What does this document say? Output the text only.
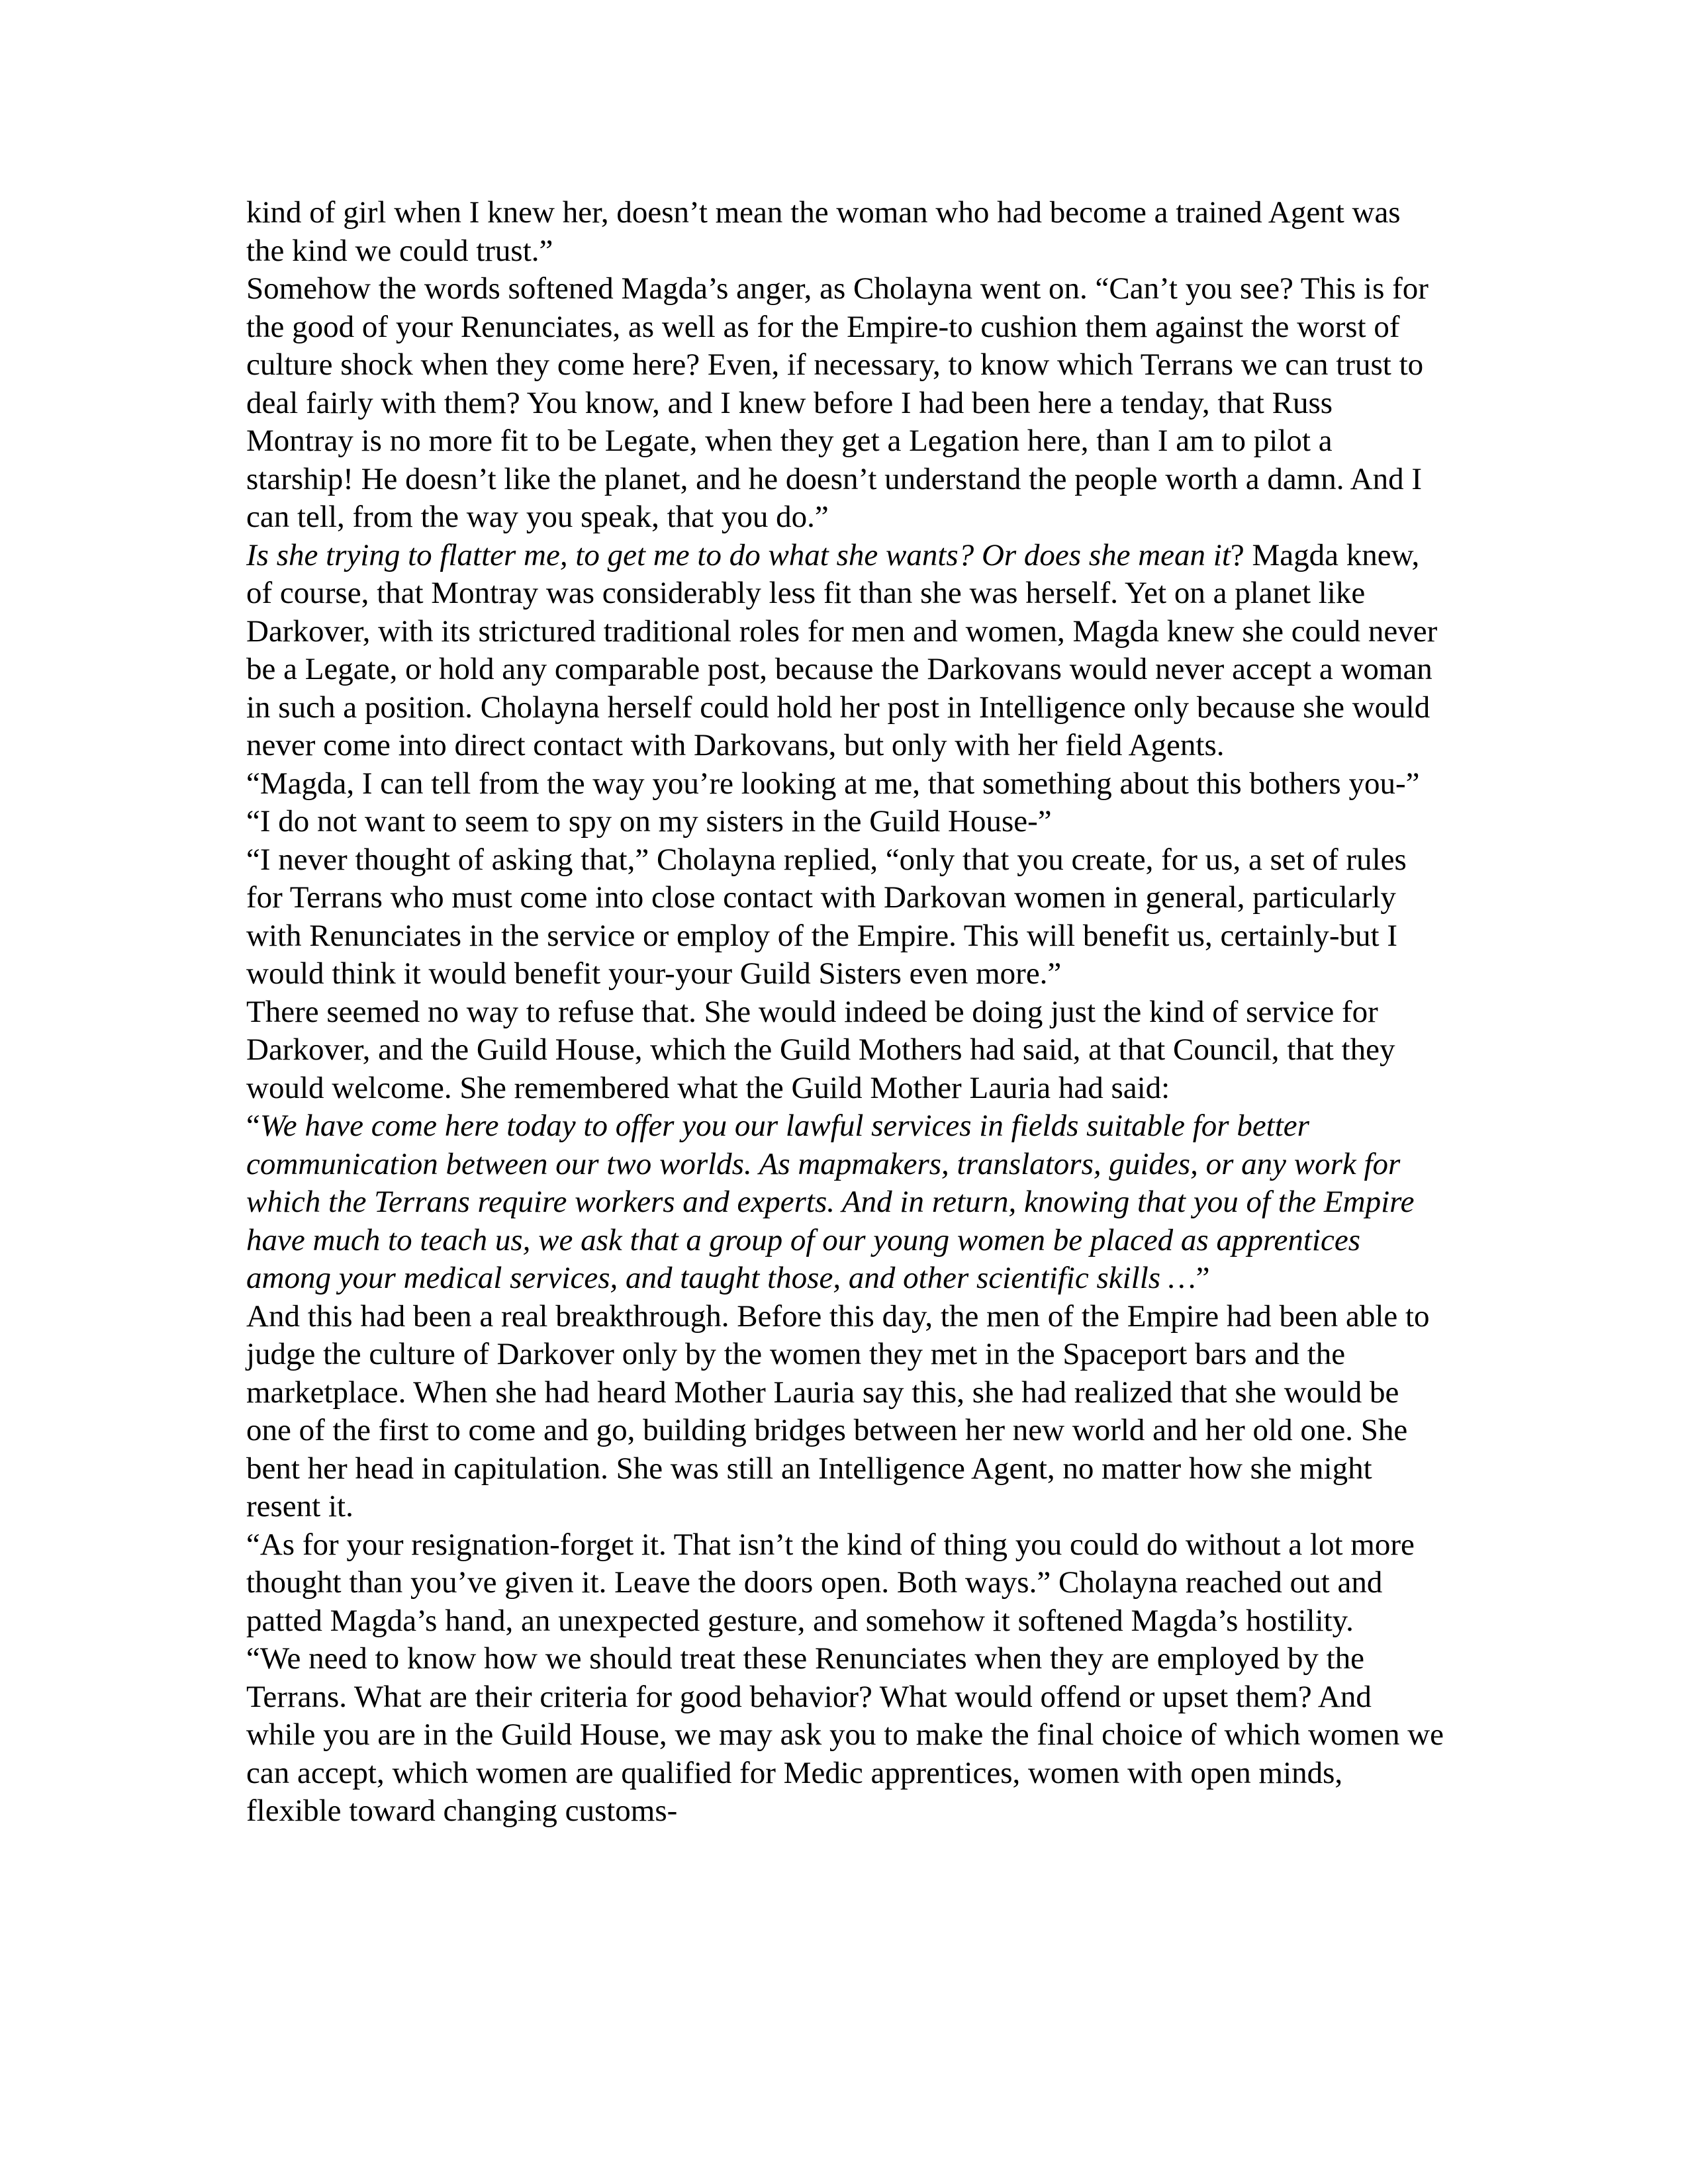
kind of girl when I knew her, doesn’t mean the woman who had become a trained Agent was the kind we could trust.”

Somehow the words softened Magda’s anger, as Cholayna went on. “Can’t you see? This is for the good of your Renunciates, as well as for the Empire-to cushion them against the worst of culture shock when they come here? Even, if necessary, to know which Terrans we can trust to deal fairly with them? You know, and I knew before I had been here a tenday, that Russ Montray is no more fit to be Legate, when they get a Legation here, than I am to pilot a starship! He doesn’t like the planet, and he doesn’t understand the people worth a damn. And I can tell, from the way you speak, that you do.”

Is she trying to flatter me, to get me to do what she wants? Or does she mean it? Magda knew, of course, that Montray was considerably less fit than she was herself. Yet on a planet like Darkover, with its strictured traditional roles for men and women, Magda knew she could never be a Legate, or hold any comparable post, because the Darkovans would never accept a woman in such a position. Cholayna herself could hold her post in Intelligence only because she would never come into direct contact with Darkovans, but only with her field Agents.

“Magda, I can tell from the way you’re looking at me, that something about this bothers you-”

“I do not want to seem to spy on my sisters in the Guild House-”

“I never thought of asking that,” Cholayna replied, “only that you create, for us, a set of rules for Terrans who must come into close contact with Darkovan women in general, particularly with Renunciates in the service or employ of the Empire. This will benefit us, certainly-but I would think it would benefit your-your Guild Sisters even more.”

There seemed no way to refuse that. She would indeed be doing just the kind of service for Darkover, and the Guild House, which the Guild Mothers had said, at that Council, that they would welcome. She remembered what the Guild Mother Lauria had said:

“We have come here today to offer you our lawful services in fields suitable for better communication between our two worlds. As mapmakers, translators, guides, or any work for which the Terrans require workers and experts. And in return, knowing that you of the Empire have much to teach us, we ask that a group of our young women be placed as apprentices among your medical services, and taught those, and other scientific skills …”

And this had been a real breakthrough. Before this day, the men of the Empire had been able to judge the culture of Darkover only by the women they met in the Spaceport bars and the marketplace. When she had heard Mother Lauria say this, she had realized that she would be one of the first to come and go, building bridges between her new world and her old one. She bent her head in capitulation. She was still an Intelligence Agent, no matter how she might resent it.

“As for your resignation-forget it. That isn’t the kind of thing you could do without a lot more thought than you’ve given it. Leave the doors open. Both ways.” Cholayna reached out and patted Magda’s hand, an unexpected gesture, and somehow it softened Magda’s hostility.

“We need to know how we should treat these Renunciates when they are employed by the Terrans. What are their criteria for good behavior? What would offend or upset them? And while you are in the Guild House, we may ask you to make the final choice of which women we can accept, which women are qualified for Medic apprentices, women with open minds, flexible toward changing customs-
